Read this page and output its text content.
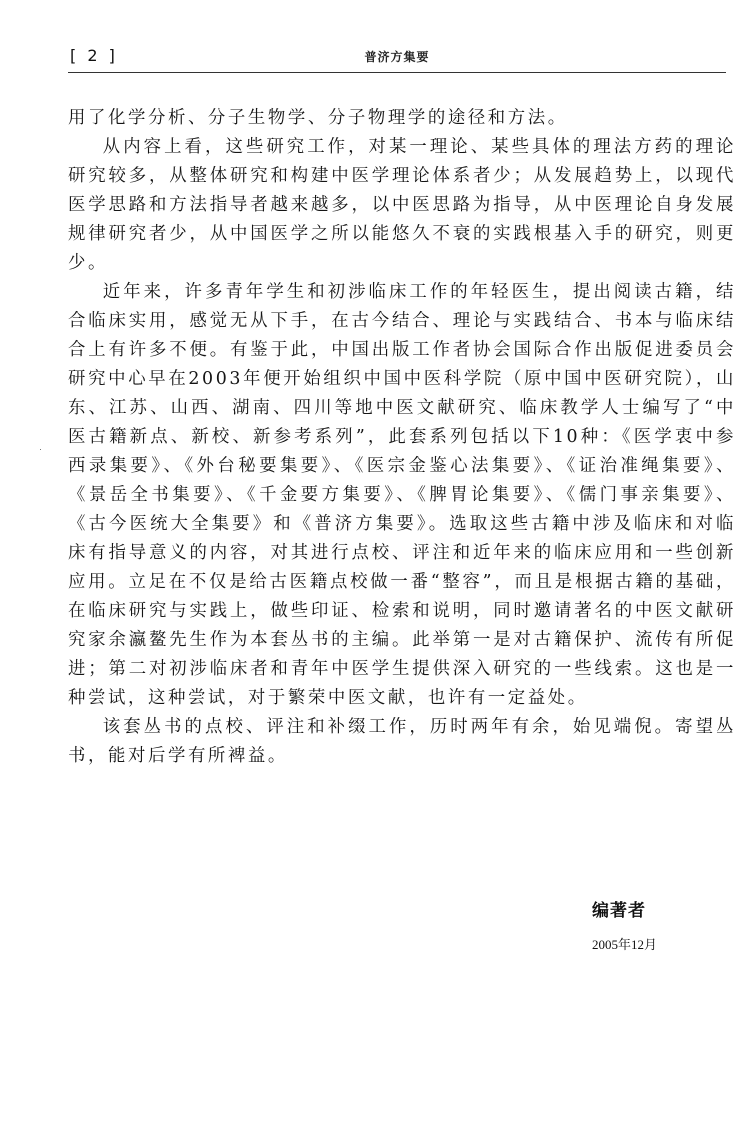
[ 2 ]	普济方集要

用了化学分析、分子生物学、分子物理学的途径和方法。

从内容上看，这些研究工作，对某一理论、某些具体的理法方药的理论研究较多，从整体研究和构建中医学理论体系者少；从发展趋势上，以现代医学思路和方法指导者越来越多，以中医思路为指导，从中医理论自身发展规律研究者少，从中国医学之所以能悠久不衰的实践根基入手的研究，则更少。

近年来，许多青年学生和初涉临床工作的年轻医生，提出阅读古籍，结合临床实用，感觉无从下手，在古今结合、理论与实践结合、书本与临床结合上有许多不便。有鉴于此，中国出版工作者协会国际合作出版促进委员会研究中心早在2003年便开始组织中国中医科学院（原中国中医研究院），山东、江苏、山西、湖南、四川等地中医文献研究、临床教学人士编写了“中医古籍新点、新校、新参考系列”，此套系列包括以下10种：《医学衷中参西录集要》、《外台秘要集要》、《医宗金鉴心法集要》、《证治准绳集要》、《景岳全书集要》、《千金要方集要》、《脾胃论集要》、《儒门事亲集要》、《古今医统大全集要》和《普济方集要》。选取这些古籍中涉及临床和对临床有指导意义的内容，对其进行点校、评注和近年来的临床应用和一些创新应用。立足在不仅是给古医籍点校做一番“整容”，而且是根据古籍的基础，在临床研究与实践上，做些印证、检索和说明，同时邀请著名的中医文献研究家余瀛鳌先生作为本套丛书的主编。此举第一是对古籍保护、流传有所促进；第二对初涉临床者和青年中医学生提供深入研究的一些线索。这也是一种尝试，这种尝试，对于繁荣中医文献，也许有一定益处。

该套丛书的点校、评注和补缀工作，历时两年有余，始见端倪。寄望丛书，能对后学有所裨益。

编著者
2005年12月
